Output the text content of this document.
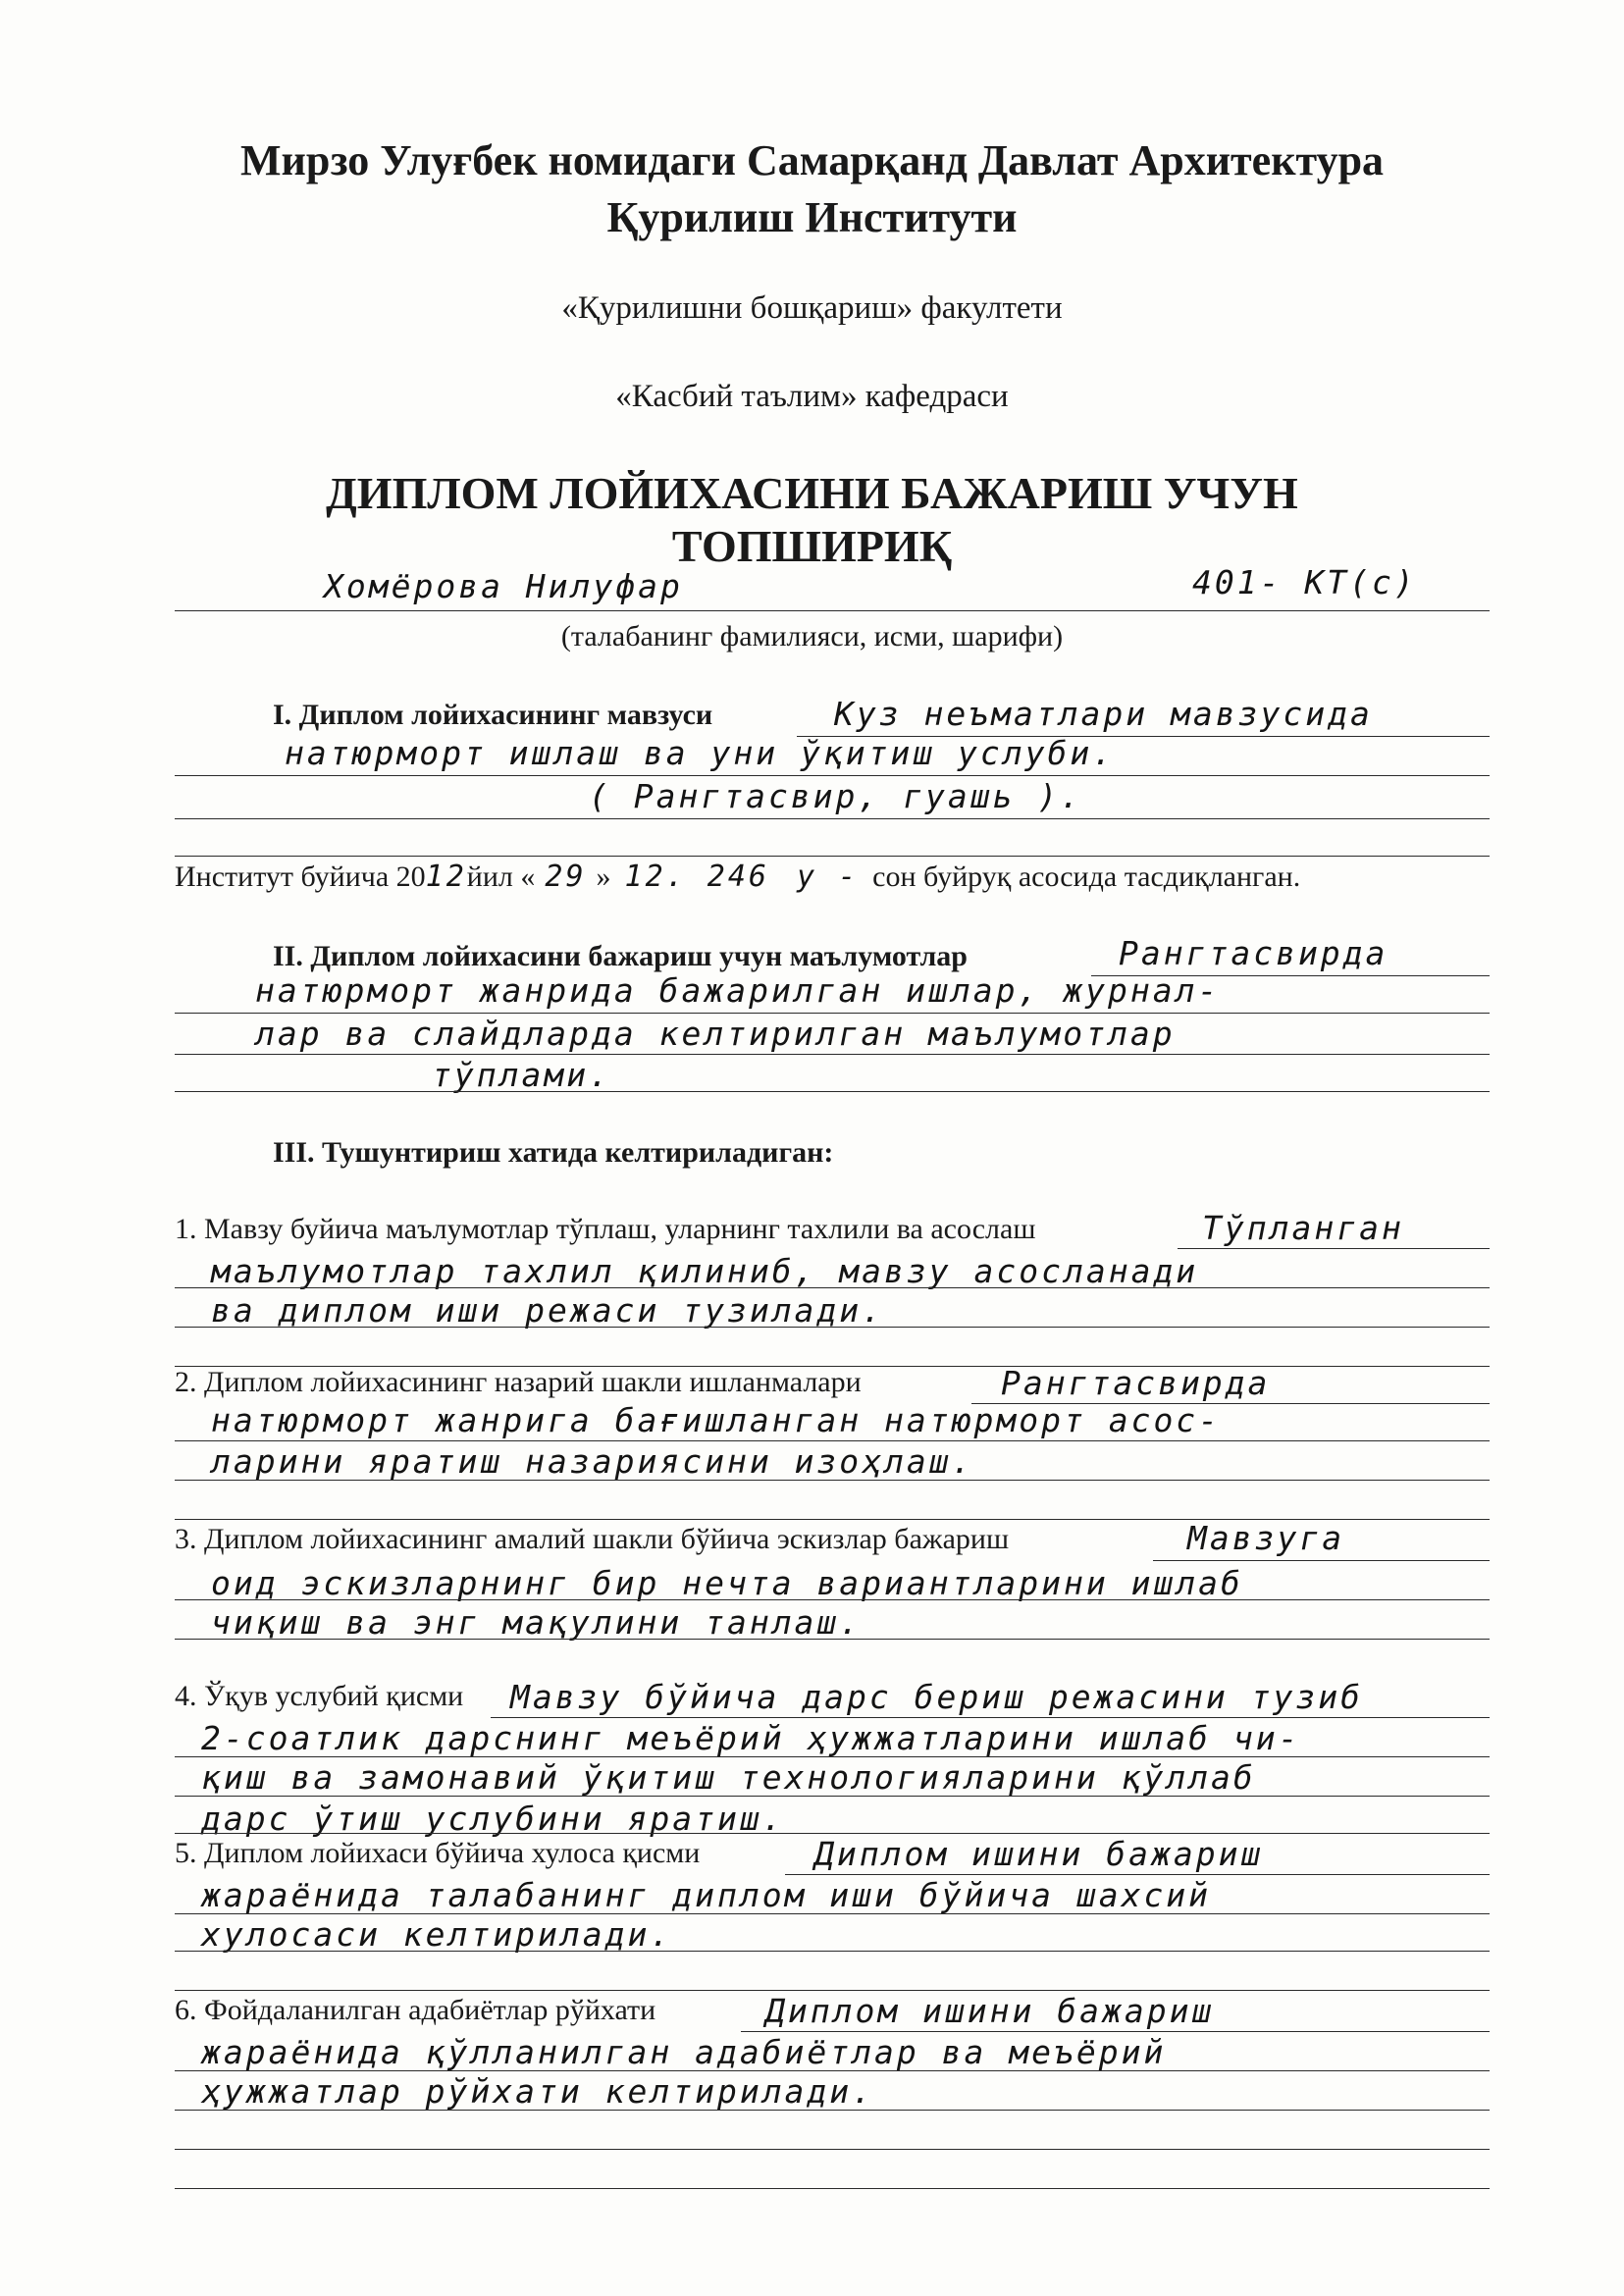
Мирзо Улуғбек номидаги Самарқанд Давлат Архитектура
Қурилиш Институти
«Қурилишни бошқариш» факултети
«Касбий таълим» кафедраси
ДИПЛОМ ЛОЙИХАСИНИ БАЖАРИШ УЧУН
ТОПШИРИҚ
Хомёрова Нилуфар	401- КТ(с)
(талабанинг фамилияси, исми, шарифи)
I. Диплом лойихасининг мавзуси	Куз неъматлари мавзусида
натюрморт ишлаш ва уни ўқитиш услуби.
( Рангтасвир, гуашь ).
Институт буйича 2012йил « 29 » 12. 246 у - сон буйруқ асосида тасдиқланган.
II. Диплом лойихасини бажариш учун маълумотлар	Рангтасвирда
натюрморт жанрида бажарилган ишлар, журнал-
лар ва слайдларда келтирилган маълумотлар
тўплами.
III. Тушунтириш хатида келтириладиган:
1. Мавзу буйича маълумотлар тўплаш, уларнинг тахлили ва асослаш	Тўпланган
маълумотлар тахлил қилиниб, мавзу асосланади
ва диплом иши режаси тузилади.
2. Диплом лойихасининг назарий шакли ишланмалари	Рангтасвирда
натюрморт жанрига бағишланган натюрморт асос-
ларини яратиш назариясини изоҳлаш.
3. Диплом лойихасининг амалий шакли бўйича эскизлар бажариш	Мавзуга
оид эскизларнинг бир нечта вариантларини ишлаб
чиқиш ва энг мақулини танлаш.
4. Ўқув услубий қисми Мавзу бўйича дарс бериш режасини тузиб
2-соатлик дарснинг меъёрий ҳужжатларини ишлаб чи-
қиш ва замонавий ўқитиш технологияларини қўллаб
дарс ўтиш услубини яратиш.
5. Диплом лойихаси бўйича хулоса қисми	Диплом ишини бажариш
жараёнида талабанинг диплом иши бўйича шахсий
хулосаси келтирилади.
6. Фойдаланилган адабиётлар рўйхати	Диплом ишини бажариш
жараёнида қўлланилган адабиётлар ва меъёрий
ҳужжатлар рўйхати келтирилади.
